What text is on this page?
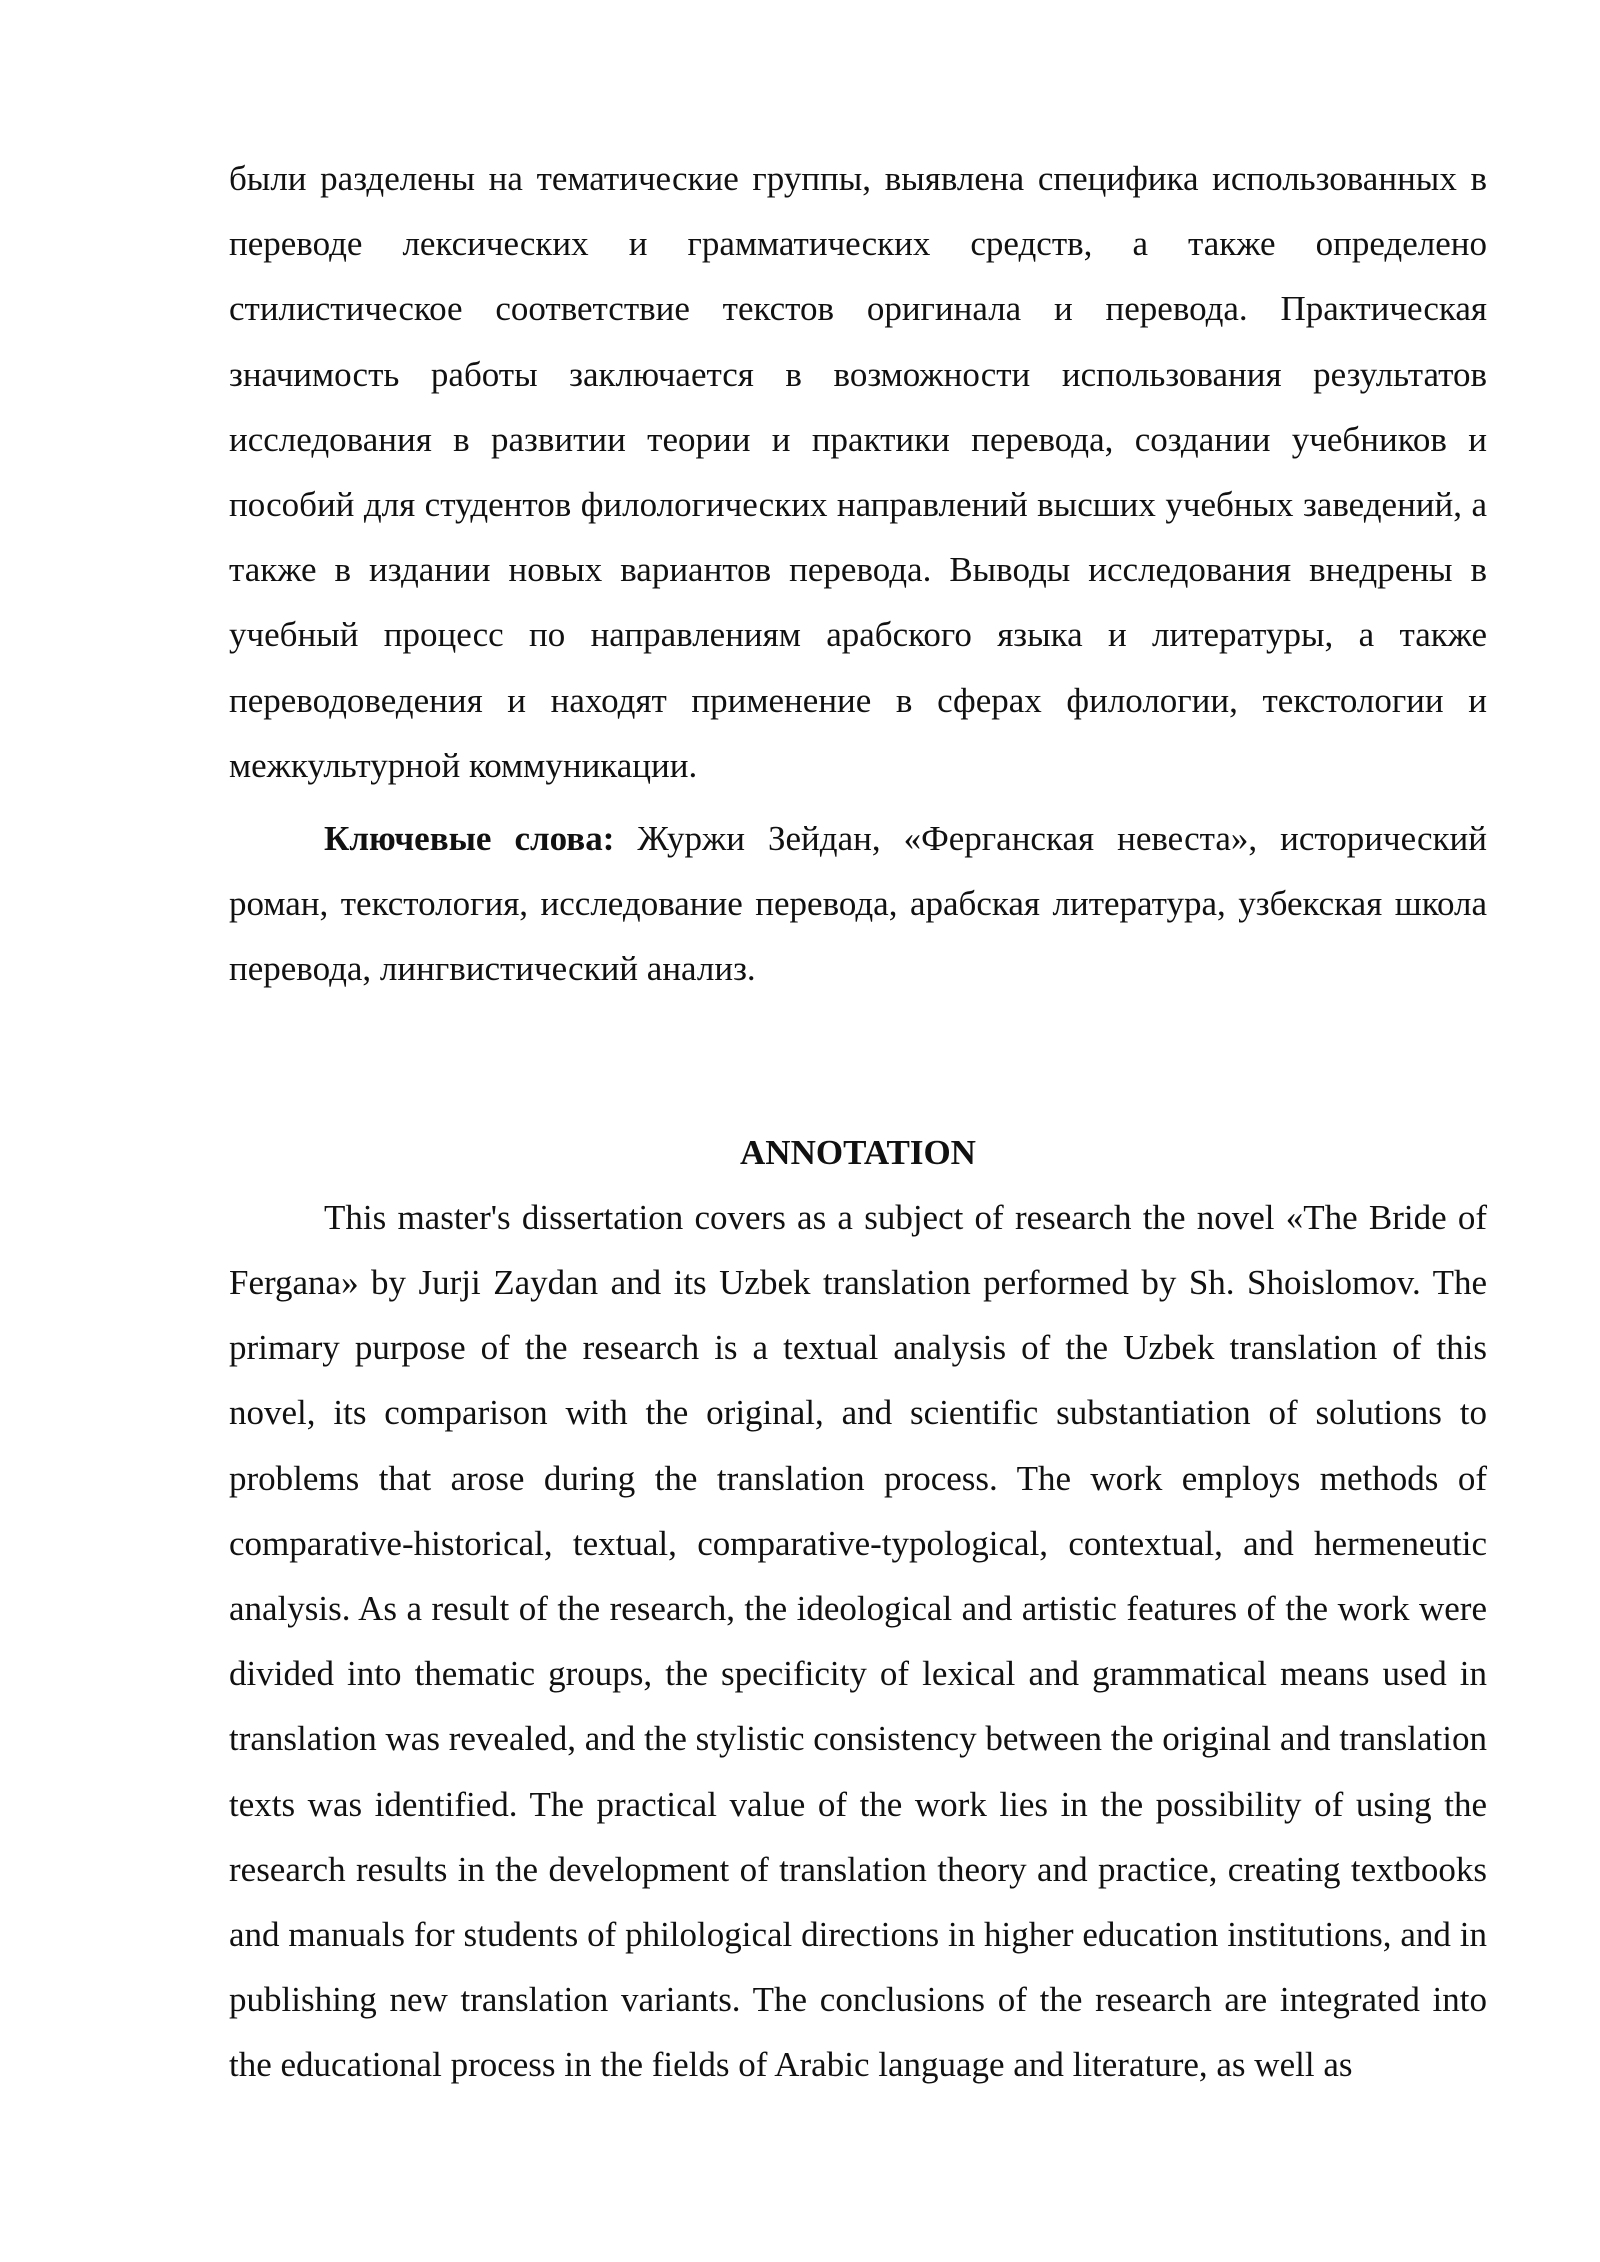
были разделены на тематические группы, выявлена специфика использованных в переводе лексических и грамматических средств, а также определено стилистическое соответствие текстов оригинала и перевода. Практическая значимость работы заключается в возможности использования результатов исследования в развитии теории и практики перевода, создании учебников и пособий для студентов филологических направлений высших учебных заведений, а также в издании новых вариантов перевода. Выводы исследования внедрены в учебный процесс по направлениям арабского языка и литературы, а также переводоведения и находят применение в сферах филологии, текстологии и межкультурной коммуникации.

Ключевые слова: Журжи Зейдан, «Ферганская невеста», исторический роман, текстология, исследование перевода, арабская литература, узбекская школа перевода, лингвистический анализ.

ANNOTATION

This master's dissertation covers as a subject of research the novel «The Bride of Fergana» by Jurji Zaydan and its Uzbek translation performed by Sh. Shoislomov. The primary purpose of the research is a textual analysis of the Uzbek translation of this novel, its comparison with the original, and scientific substantiation of solutions to problems that arose during the translation process. The work employs methods of comparative-historical, textual, comparative-typological, contextual, and hermeneutic analysis. As a result of the research, the ideological and artistic features of the work were divided into thematic groups, the specificity of lexical and grammatical means used in translation was revealed, and the stylistic consistency between the original and translation texts was identified. The practical value of the work lies in the possibility of using the research results in the development of translation theory and practice, creating textbooks and manuals for students of philological directions in higher education institutions, and in publishing new translation variants. The conclusions of the research are integrated into the educational process in the fields of Arabic language and literature, as well as
